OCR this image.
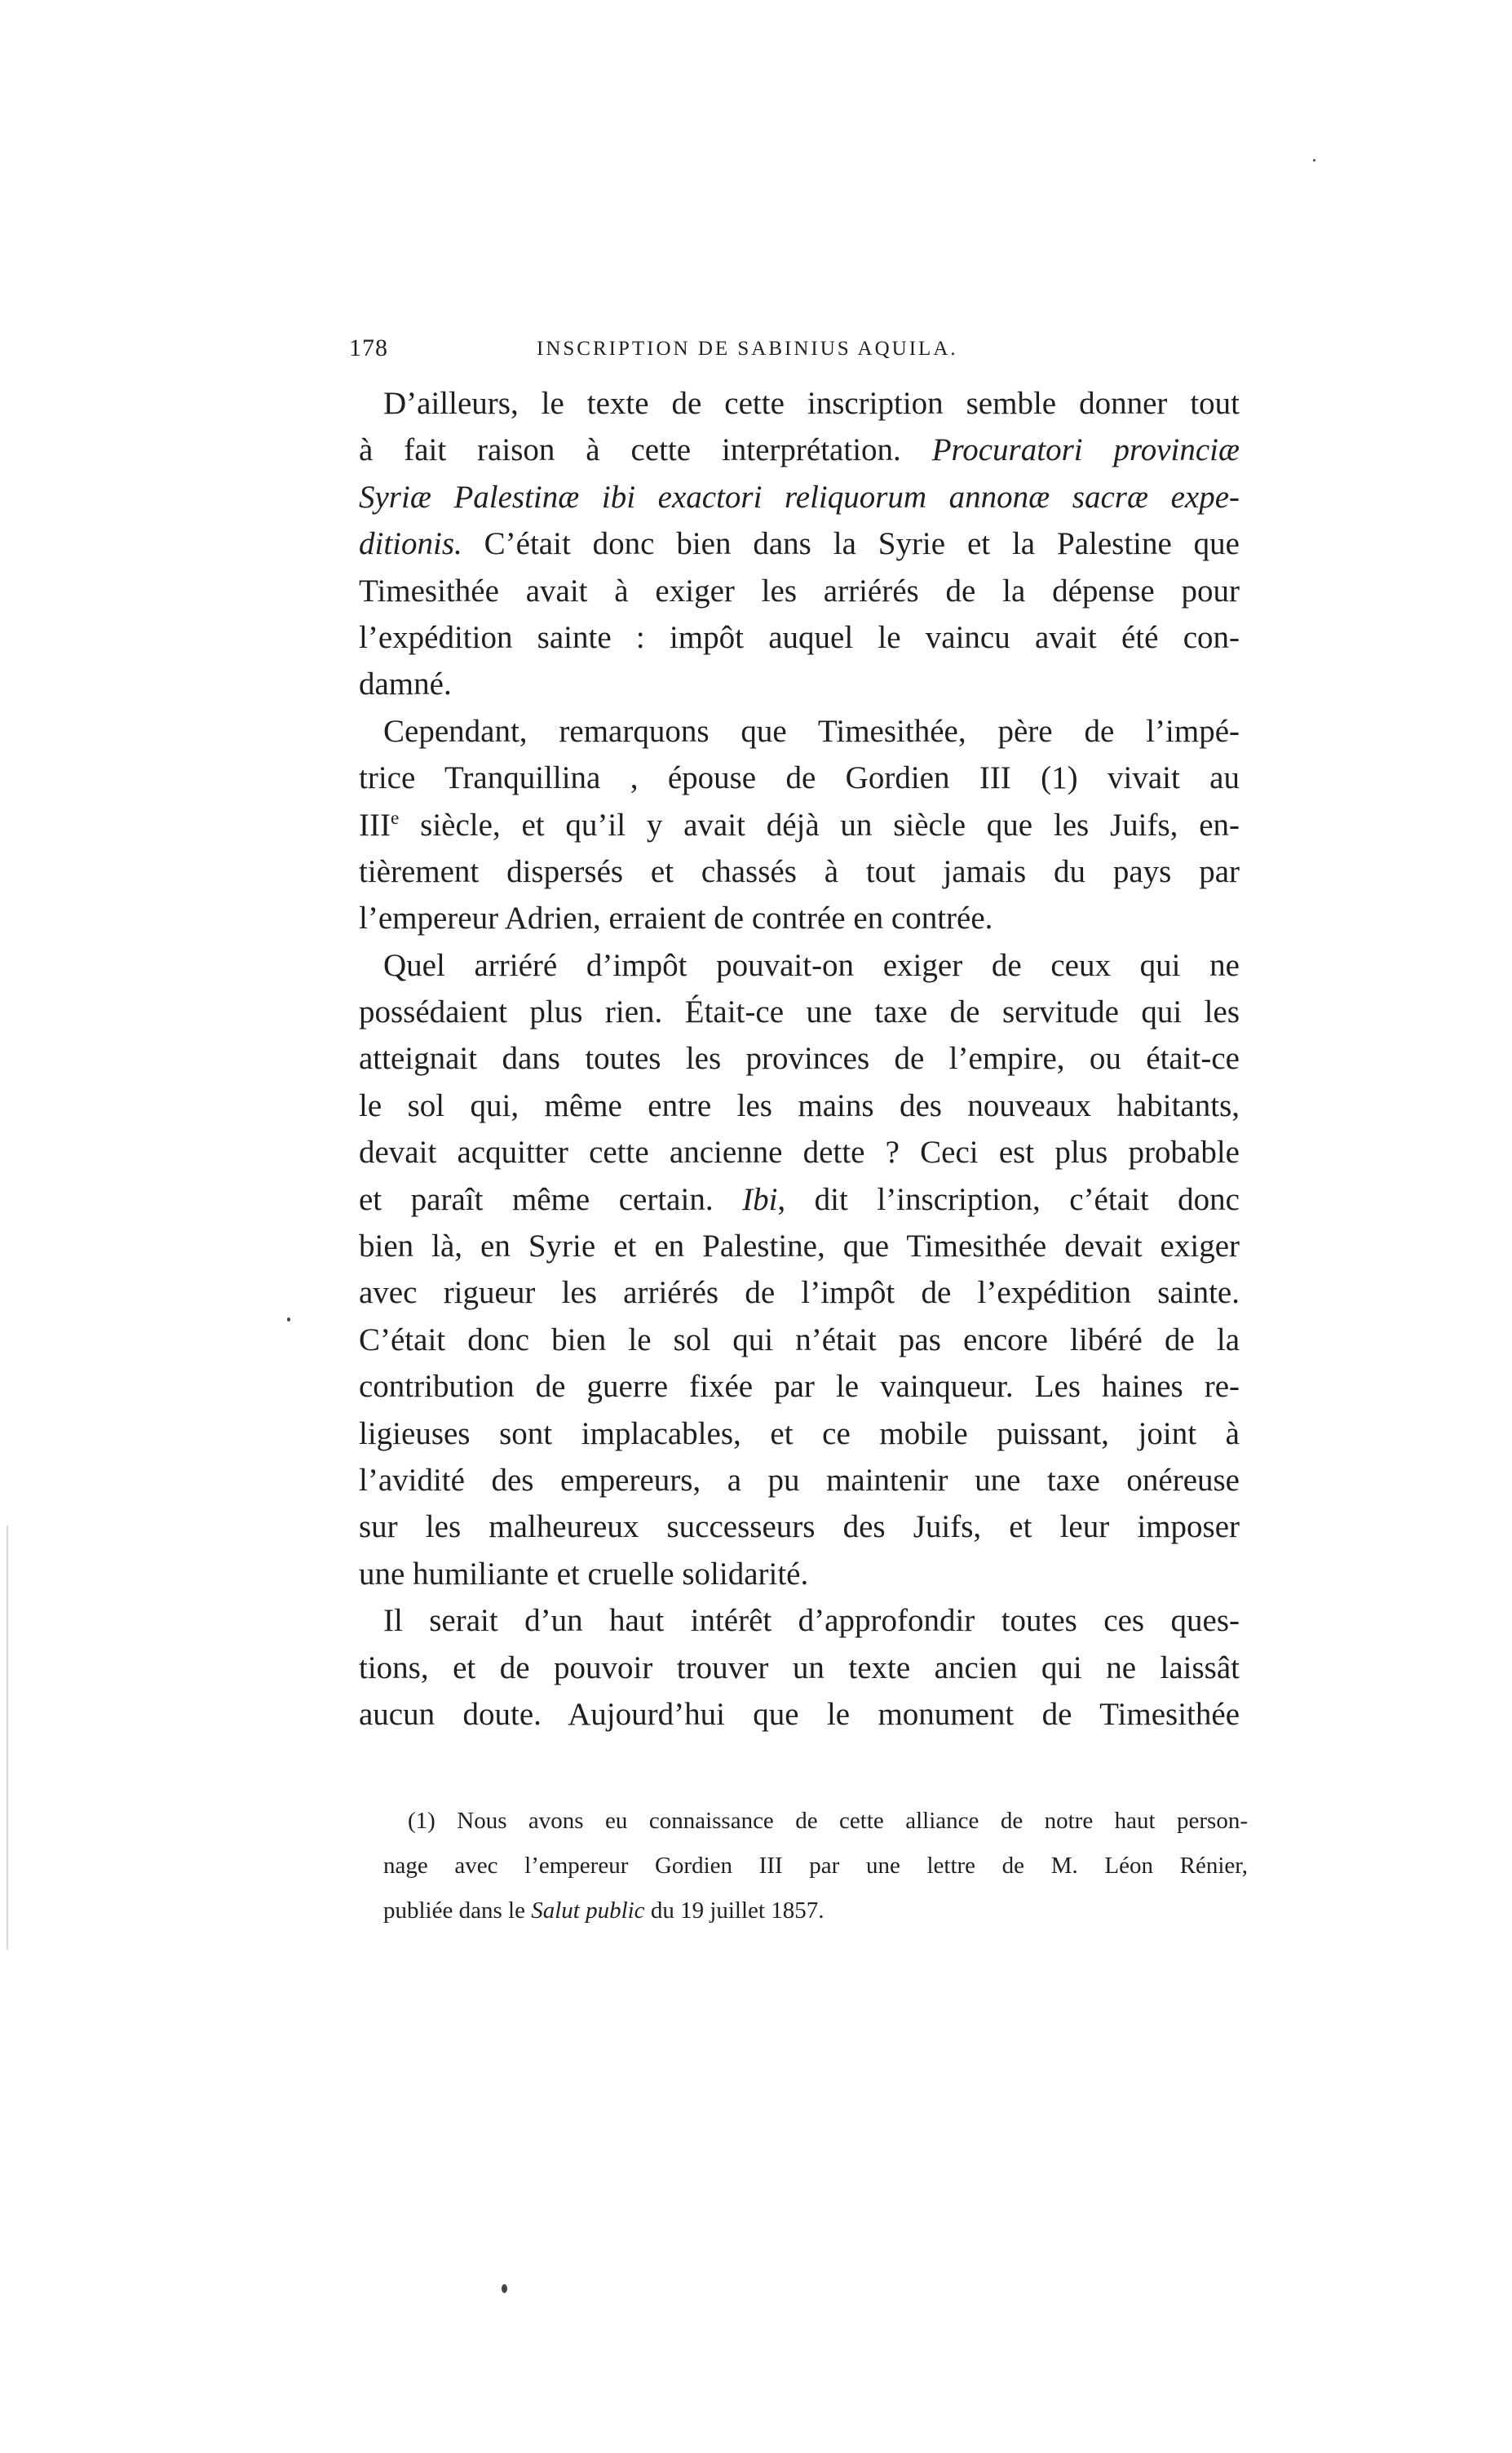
178	INSCRIPTION DE SABINIUS AQUILA.
D’ailleurs, le texte de cette inscription semble donner tout
à fait raison à cette interprétation. Procuratori provinciæ
Syriæ Palestinæ ibi exactori reliquorum annonæ sacræ expe-
ditionis. C’était donc bien dans la Syrie et la Palestine que
Timesithée avait à exiger les arriérés de la dépense pour
l’expédition sainte : impôt auquel le vaincu avait été con-
damné.
Cependant, remarquons que Timesithée, père de l’impé-
trice Tranquillina , épouse de Gordien III (1) vivait au
IIIe siècle, et qu’il y avait déjà un siècle que les Juifs, en-
tièrement dispersés et chassés à tout jamais du pays par
l’empereur Adrien, erraient de contrée en contrée.
Quel arriéré d’impôt pouvait-on exiger de ceux qui ne
possédaient plus rien. Était-ce une taxe de servitude qui les
atteignait dans toutes les provinces de l’empire, ou était-ce
le sol qui, même entre les mains des nouveaux habitants,
devait acquitter cette ancienne dette ? Ceci est plus probable
et paraît même certain. Ibi, dit l’inscription, c’était donc
bien là, en Syrie et en Palestine, que Timesithée devait exiger
avec rigueur les arriérés de l’impôt de l’expédition sainte.
C’était donc bien le sol qui n’était pas encore libéré de la
contribution de guerre fixée par le vainqueur. Les haines re-
ligieuses sont implacables, et ce mobile puissant, joint à
l’avidité des empereurs, a pu maintenir une taxe onéreuse
sur les malheureux successeurs des Juifs, et leur imposer
une humiliante et cruelle solidarité.
Il serait d’un haut intérêt d’approfondir toutes ces ques-
tions, et de pouvoir trouver un texte ancien qui ne laissât
aucun doute. Aujourd’hui que le monument de Timesithée
(1) Nous avons eu connaissance de cette alliance de notre haut person-
nage avec l’empereur Gordien III par une lettre de M. Léon Rénier,
publiée dans le Salut public du 19 juillet 1857.
